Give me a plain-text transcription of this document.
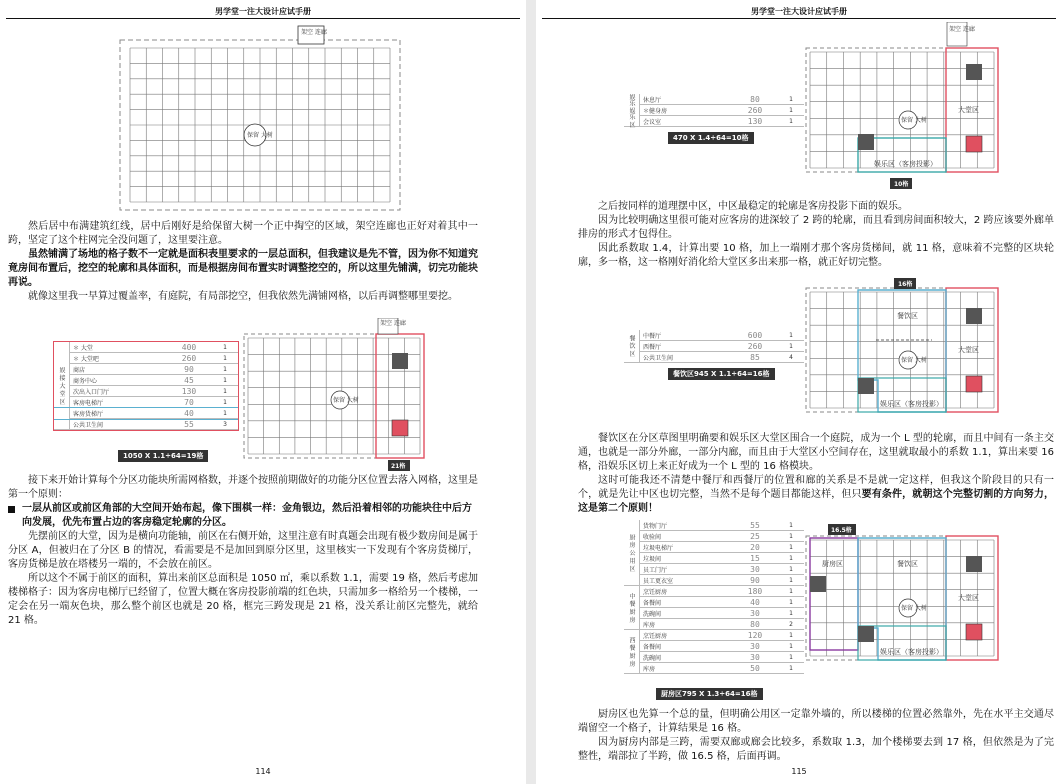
男学堂一注大设计应试手册
架空 连廊
保留 大树

然后居中布满建筑红线，居中后刚好是给保留大树一个正中掏空的区域，架空连廊也正好对着其中一跨，坚定了这个柱网完全没问题了，这里要注意。

虽然铺满了场地的格子数不一定就是面积表里要求的一层总面积，但我建议是先不管，因为你不知道究竟房间布置后，挖空的轮廓和具体面积，而是根据房间布置实时调整挖空的，所以这里先铺满，切完功能块再说。

就像这里我一早算过覆盖率，有庭院，有局部挖空，但我依然先满铺网格，以后再调整哪里要挖。

娱 接 大 堂 区	＊ 大堂	400	1
	＊ 大堂吧	260	1
	商店	90	1
	商务中心	45	1
	次出入口门厅	130	1
	客房电梯厅	70	1
	客房货梯厅	40	1
	公共卫生间	55	3
1050 X 1.1÷64=19格
架空 连廊
保留 大树
21格

接下来开始计算每个分区功能块所需网格数，并逐个按照前期做好的功能分区位置去落入网格，这里是第一个原则：

一层从前区或前区角部的大空间开始布起，像下围棋一样：金角银边，然后沿着相邻的功能块往中后方向发展，优先布置占边的客房稳定轮廓的分区。

先摆前区的大堂，因为是横向功能轴，前区在右侧开始，这里注意有时真题会出现有极少数房间是属于分区 A，但被归在了分区 B 的情况，看需要是不是加回到原分区里，这里核实一下发现有个客房货梯厅，客房货梯是放在塔楼另一端的，不会放在前区。

所以这个不属于前区的面积，算出来前区总面积是 1050 ㎡，乘以系数 1.1，需要 19 格，然后考虑加楼梯格子：因为客房电梯厅已经留了，位置大概在客房投影前端的红色块，只需加多一格给另一个楼梯，一定会在另一端灰色块，那么整个前区也就是 20 格，框完三跨发现是 21 格，没关系让前区完整先，就给 21 格。

114
男学堂一注大设计应试手册
娱乐 娱乐 区	休息厅	80	1
	＊健身房	260	1
	会议室	130	1
470 X 1.4÷64=10格
大堂区
娱乐区（客房投影）
架空 连廊
保留 大树
10格

之后按同样的道理摆中区，中区最稳定的轮廓是客房投影下面的娱乐。

因为比较明确这里很可能对应客房的进深较了 2 跨的轮廓，而且看到房间面积较大，2 跨应该要外廊单排房的形式才包得住。

因此系数取 1.4，计算出要 10 格，加上一端刚才那个客房货梯间，就 11 格，意味着不完整的区块轮廓，多一格，这一格刚好消化给大堂区多出来那一格，就正好切完整。

餐 饮 区	中餐厅	600	1
	西餐厅	260	1
	公共卫生间	85	4
餐饮区945 X 1.1÷64=16格
16格
餐饮区
大堂区
娱乐区（客房投影）
保留 大树

餐饮区在分区草图里明确要和娱乐区大堂区围合一个庭院，成为一个 L 型的轮廓，而且中间有一条主交通，也就是一部分外廊，一部分内廊，而且由于大堂区小空间存在，这里就取最小的系数 1.1，算出来要 16 格，沿娱乐区切上来正好成为一个 L 型的 16 格模块。

这时可能我还不清楚中餐厅和西餐厅的位置和廊的关系是不是就一定这样，但我这个阶段目的只有一个，就是先让中区也切完整，当然不是每个题目都能这样，但只要有条件，就朝这个完整切割的方向努力，这是第二个原则！

厨 房 公 用 区	货物门厅	55	1
	收验间	25	1
	垃圾电梯厅	20	1
	垃圾间	15	1
	员工门厅	30	1
	员工更衣室	90	1
中 餐 厨 房	烹饪厨房	180	1
	备餐间	40	1
	洗碗间	30	1
	库房	80	2
西 餐 厨 房	烹饪厨房	120	1
	备餐间	30	1
	洗碗间	30	1
	库房	50	1
厨房区795 X 1.3÷64=16格
16.5格
厨房区	餐饮区
大堂区
娱乐区（客房投影）
保留 大树

厨房区也先算一个总的量，但明确公用区一定靠外墙的，所以楼梯的位置必然靠外，先在水平主交通尽端留空一个格子，计算结果是 16 格。

因为厨房内部是三跨，需要双廊或廊会比较多，系数取 1.3，加个楼梯要去到 17 格，但依然是为了完整性，端部拉了半跨，做 16.5 格，后面再调。

115
